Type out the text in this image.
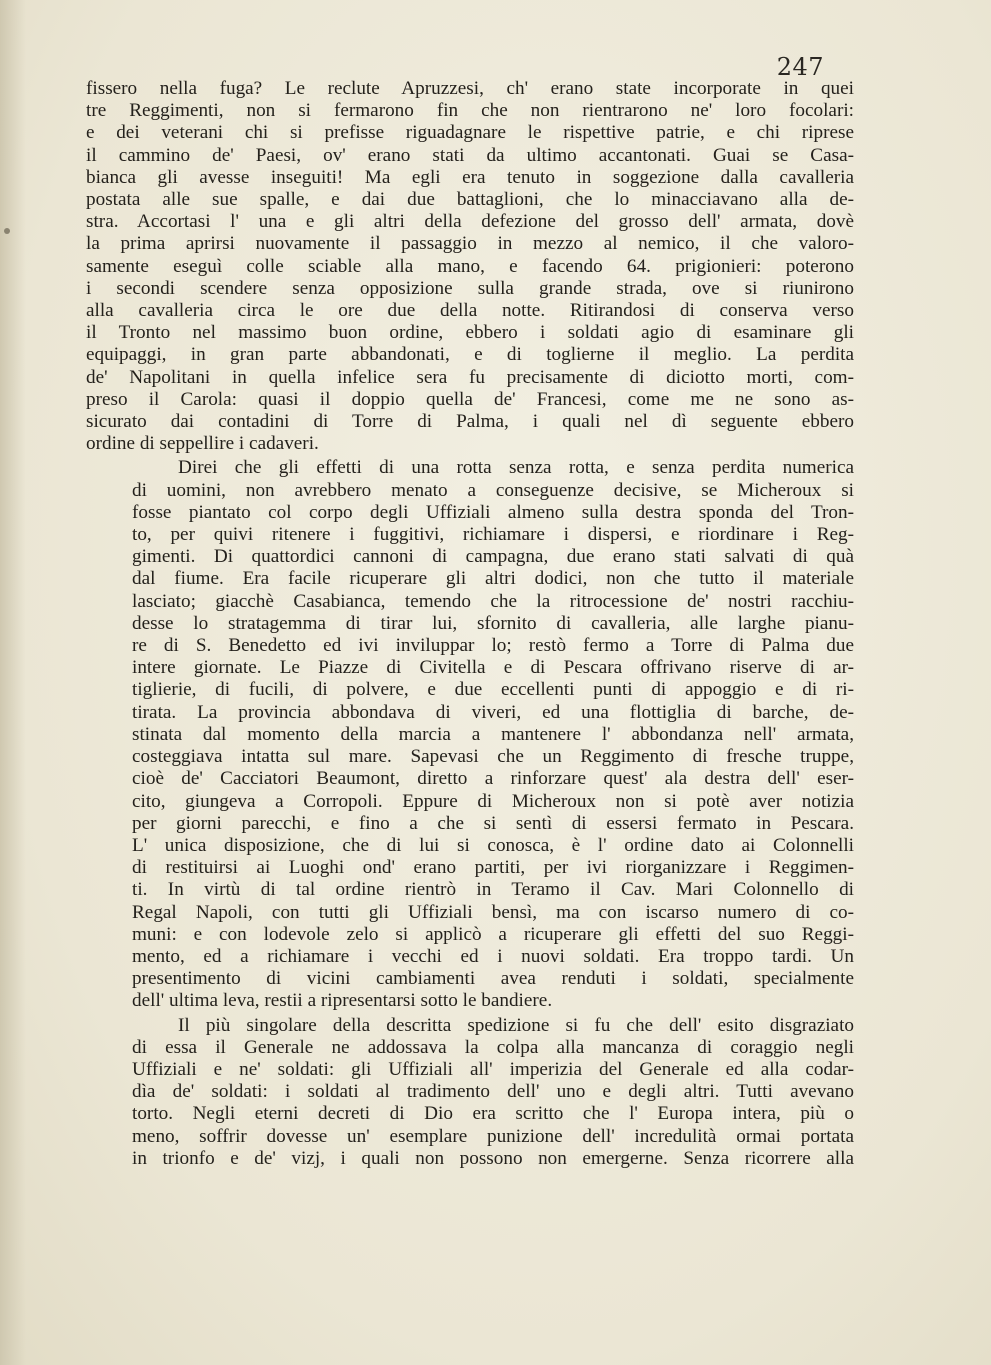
247
fissero nella fuga? Le reclute Apruzzesi, ch' erano state incorporate in quei
tre Reggimenti, non si fermarono fin che non rientrarono ne' loro focolari:
e dei veterani chi si prefisse riguadagnare le rispettive patrie, e chi riprese
il cammino de' Paesi, ov' erano stati da ultimo accantonati. Guai se Casa-
bianca gli avesse inseguiti! Ma egli era tenuto in soggezione dalla cavalleria
postata alle sue spalle, e dai due battaglioni, che lo minacciavano alla de-
stra. Accortasi l' una e gli altri della defezione del grosso dell' armata, dovè
la prima aprirsi nuovamente il passaggio in mezzo al nemico, il che valoro-
samente eseguì colle sciable alla mano, e facendo 64. prigionieri: poterono
i secondi scendere senza opposizione sulla grande strada, ove si riunirono
alla cavalleria circa le ore due della notte. Ritirandosi di conserva verso
il Tronto nel massimo buon ordine, ebbero i soldati agio di esaminare gli
equipaggi, in gran parte abbandonati, e di toglierne il meglio. La perdita
de' Napolitani in quella infelice sera fu precisamente di diciotto morti, com-
preso il Carola: quasi il doppio quella de' Francesi, come me ne sono as-
sicurato dai contadini di Torre di Palma, i quali nel dì seguente ebbero
ordine di seppellire i cadaveri.
Direi che gli effetti di una rotta senza rotta, e senza perdita numerica
di uomini, non avrebbero menato a conseguenze decisive, se Micheroux si
fosse piantato col corpo degli Uffiziali almeno sulla destra sponda del Tron-
to, per quivi ritenere i fuggitivi, richiamare i dispersi, e riordinare i Reg-
gimenti. Di quattordici cannoni di campagna, due erano stati salvati di quà
dal fiume. Era facile ricuperare gli altri dodici, non che tutto il materiale
lasciato; giacchè Casabianca, temendo che la ritrocessione de' nostri racchiu-
desse lo stratagemma di tirar lui, sfornito di cavalleria, alle larghe pianu-
re di S. Benedetto ed ivi inviluppar lo; restò fermo a Torre di Palma due
intere giornate. Le Piazze di Civitella e di Pescara offrivano riserve di ar-
tiglierie, di fucili, di polvere, e due eccellenti punti di appoggio e di ri-
tirata. La provincia abbondava di viveri, ed una flottiglia di barche, de-
stinata dal momento della marcia a mantenere l' abbondanza nell' armata,
costeggiava intatta sul mare. Sapevasi che un Reggimento di fresche truppe,
cioè de' Cacciatori Beaumont, diretto a rinforzare quest' ala destra dell' eser-
cito, giungeva a Corropoli. Eppure di Micheroux non si potè aver notizia
per giorni parecchi, e fino a che si sentì di essersi fermato in Pescara.
L' unica disposizione, che di lui si conosca, è l' ordine dato ai Colonnelli
di restituirsi ai Luoghi ond' erano partiti, per ivi riorganizzare i Reggimen-
ti. In virtù di tal ordine rientrò in Teramo il Cav. Mari Colonnello di
Regal Napoli, con tutti gli Uffiziali bensì, ma con iscarso numero di co-
muni: e con lodevole zelo si applicò a ricuperare gli effetti del suo Reggi-
mento, ed a richiamare i vecchi ed i nuovi soldati. Era troppo tardi. Un
presentimento di vicini cambiamenti avea renduti i soldati, specialmente
dell' ultima leva, restii a ripresentarsi sotto le bandiere.
Il più singolare della descritta spedizione si fu che dell' esito disgraziato
di essa il Generale ne addossava la colpa alla mancanza di coraggio negli
Uffiziali e ne' soldati: gli Uffiziali all' imperizia del Generale ed alla codar-
dìa de' soldati: i soldati al tradimento dell' uno e degli altri. Tutti avevano
torto. Negli eterni decreti di Dio era scritto che l' Europa intera, più o
meno, soffrir dovesse un' esemplare punizione dell' incredulità ormai portata
in trionfo e de' vizj, i quali non possono non emergerne. Senza ricorrere alla
